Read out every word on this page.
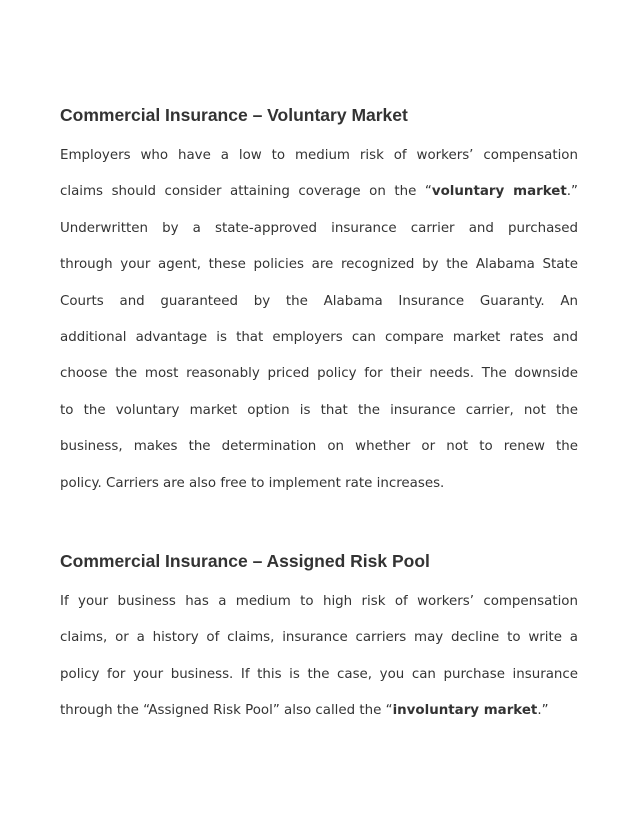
Commercial Insurance – Voluntary Market
Employers who have a low to medium risk of workers’ compensation
claims should consider attaining coverage on the “voluntary market.”
Underwritten by a state-approved insurance carrier and purchased
through your agent, these policies are recognized by the Alabama State
Courts and guaranteed by the Alabama Insurance Guaranty. An
additional advantage is that employers can compare market rates and
choose the most reasonably priced policy for their needs. The downside
to the voluntary market option is that the insurance carrier, not the
business, makes the determination on whether or not to renew the
policy. Carriers are also free to implement rate increases.
Commercial Insurance – Assigned Risk Pool
If your business has a medium to high risk of workers’ compensation
claims, or a history of claims, insurance carriers may decline to write a
policy for your business. If this is the case, you can purchase insurance
through the “Assigned Risk Pool” also called the “involuntary market.”
